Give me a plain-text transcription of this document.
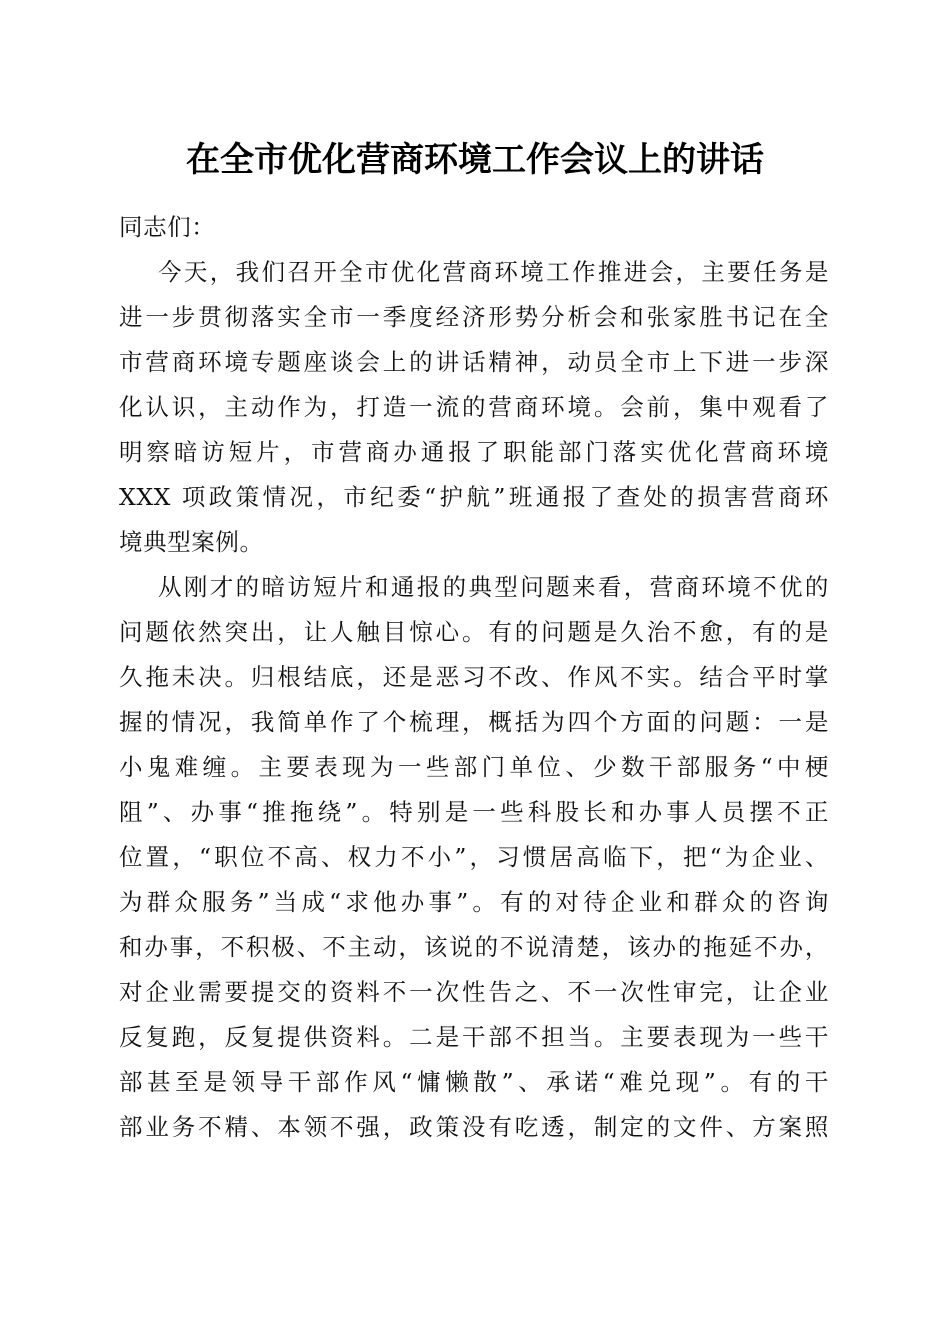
在全市优化营商环境工作会议上的讲话
同志们：
今天，我们召开全市优化营商环境工作推进会，主要任务是
进一步贯彻落实全市一季度经济形势分析会和张家胜书记在全
市营商环境专题座谈会上的讲话精神，动员全市上下进一步深
化认识，主动作为，打造一流的营商环境。会前，集中观看了
明察暗访短片，市营商办通报了职能部门落实优化营商环境
XXX 项政策情况，市纪委“护航”班通报了查处的损害营商环
境典型案例。
从刚才的暗访短片和通报的典型问题来看，营商环境不优的
问题依然突出，让人触目惊心。有的问题是久治不愈，有的是
久拖未决。归根结底，还是恶习不改、作风不实。结合平时掌
握的情况，我简单作了个梳理，概括为四个方面的问题：一是
小鬼难缠。主要表现为一些部门单位、少数干部服务“中梗
阻”、办事“推拖绕”。特别是一些科股长和办事人员摆不正
位置，“职位不高、权力不小”，习惯居高临下，把“为企业、
为群众服务”当成“求他办事”。有的对待企业和群众的咨询
和办事，不积极、不主动，该说的不说清楚，该办的拖延不办，
对企业需要提交的资料不一次性告之、不一次性审完，让企业
反复跑，反复提供资料。二是干部不担当。主要表现为一些干
部甚至是领导干部作风“慵懒散”、承诺“难兑现”。有的干
部业务不精、本领不强，政策没有吃透，制定的文件、方案照
